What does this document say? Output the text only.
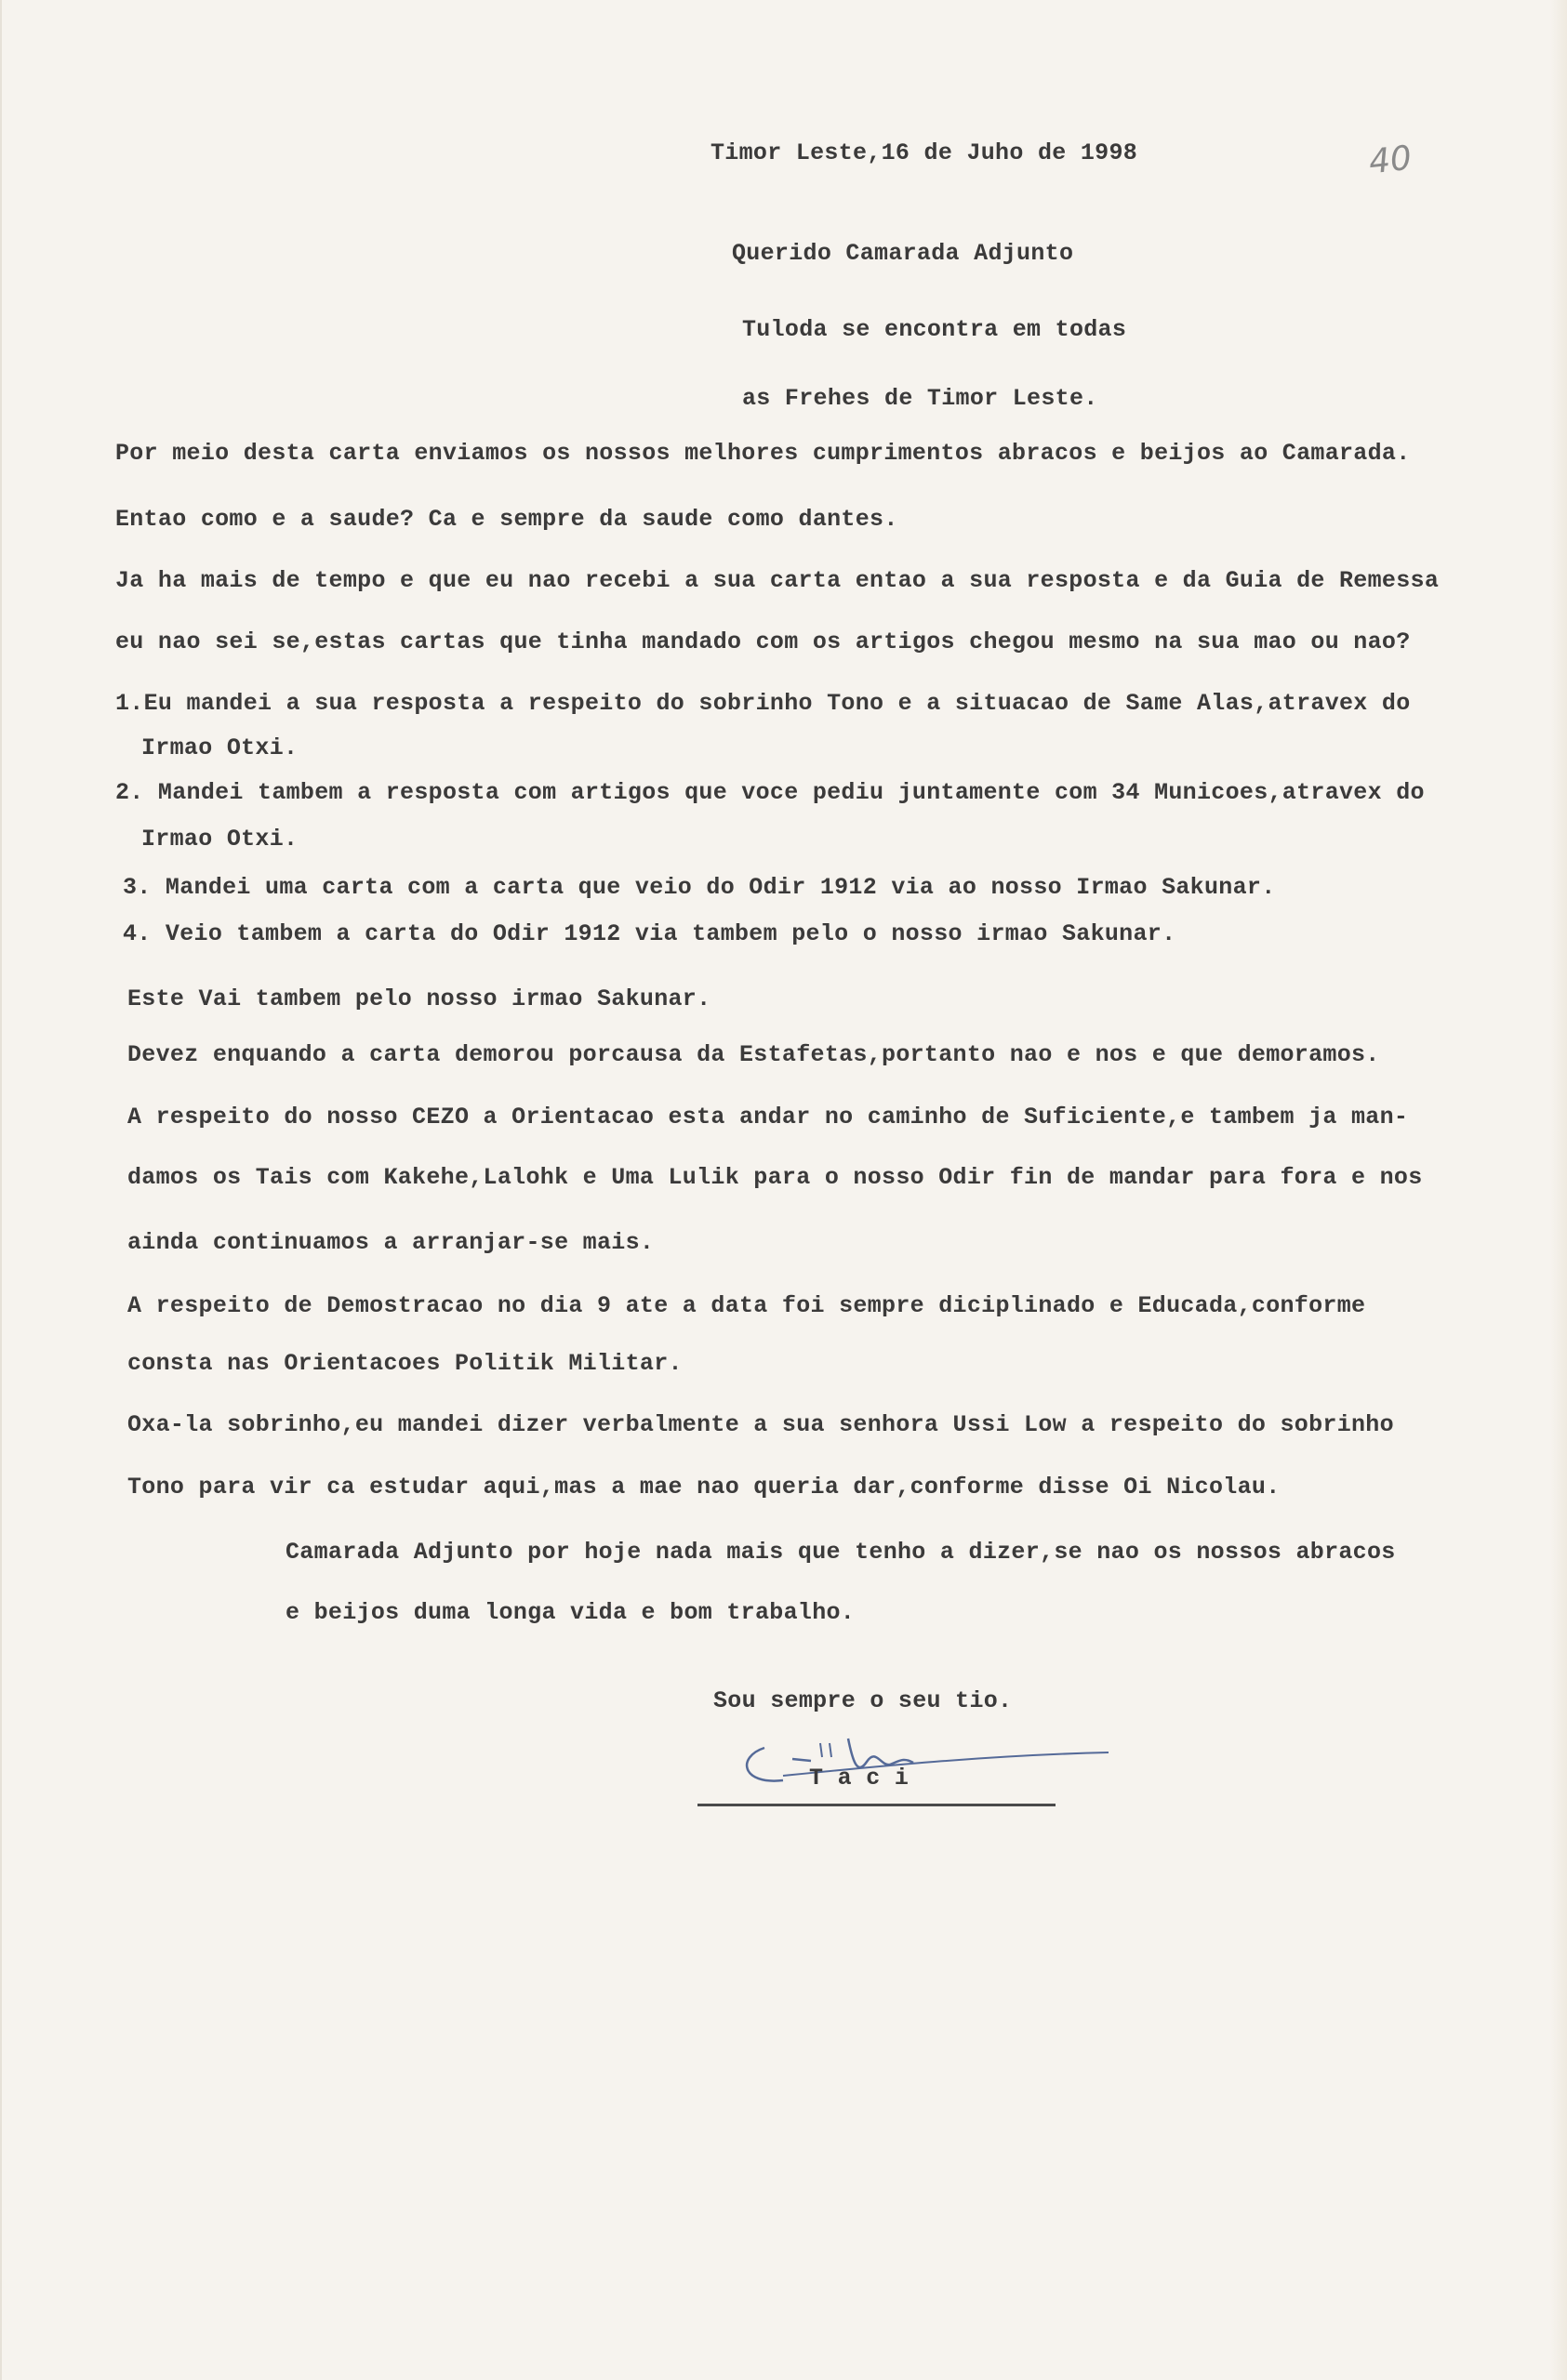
40
Timor Leste,16 de Juho de 1998
Querido Camarada Adjunto
Tuloda se encontra em todas
as Frehes de Timor Leste.
Por meio desta carta enviamos os nossos melhores cumprimentos abracos e beijos ao Camarada.
Entao como e a saude? Ca e sempre da saude como dantes.
Ja ha mais de tempo e que eu nao recebi a sua carta entao a sua resposta e da Guia de Remessa
eu nao sei se,estas cartas que tinha mandado com os artigos chegou mesmo na sua mao ou nao?
1.Eu mandei a sua resposta a respeito do sobrinho Tono e a situacao de Same Alas,atravex do
Irmao Otxi.
2. Mandei tambem a resposta com artigos que voce pediu juntamente com 34 Municoes,atravex do
Irmao Otxi.
3. Mandei uma carta com a carta que veio do Odir 1912 via ao nosso Irmao Sakunar.
4. Veio tambem a carta do Odir 1912 via tambem pelo o nosso irmao Sakunar.
Este Vai tambem pelo nosso irmao Sakunar.
Devez enquando a carta demorou porcausa da Estafetas,portanto nao e nos e que demoramos.
A respeito do nosso CEZO a Orientacao esta andar no caminho de Suficiente,e tambem ja man-
damos os Tais com Kakehe,Lalohk e Uma Lulik para o nosso Odir fin de mandar para fora e nos
ainda continuamos a arranjar-se mais.
A respeito de Demostracao no dia 9 ate a data foi sempre diciplinado e Educada,conforme
consta nas Orientacoes Politik Militar.
Oxa-la sobrinho,eu mandei dizer verbalmente a sua senhora Ussi Low a respeito do sobrinho
Tono para vir ca estudar aqui,mas a mae nao queria dar,conforme disse Oi Nicolau.
Camarada Adjunto por hoje nada mais que tenho a dizer,se nao os nossos abracos
e beijos duma longa vida e bom trabalho.
Sou sempre o seu tio.
T a c i
